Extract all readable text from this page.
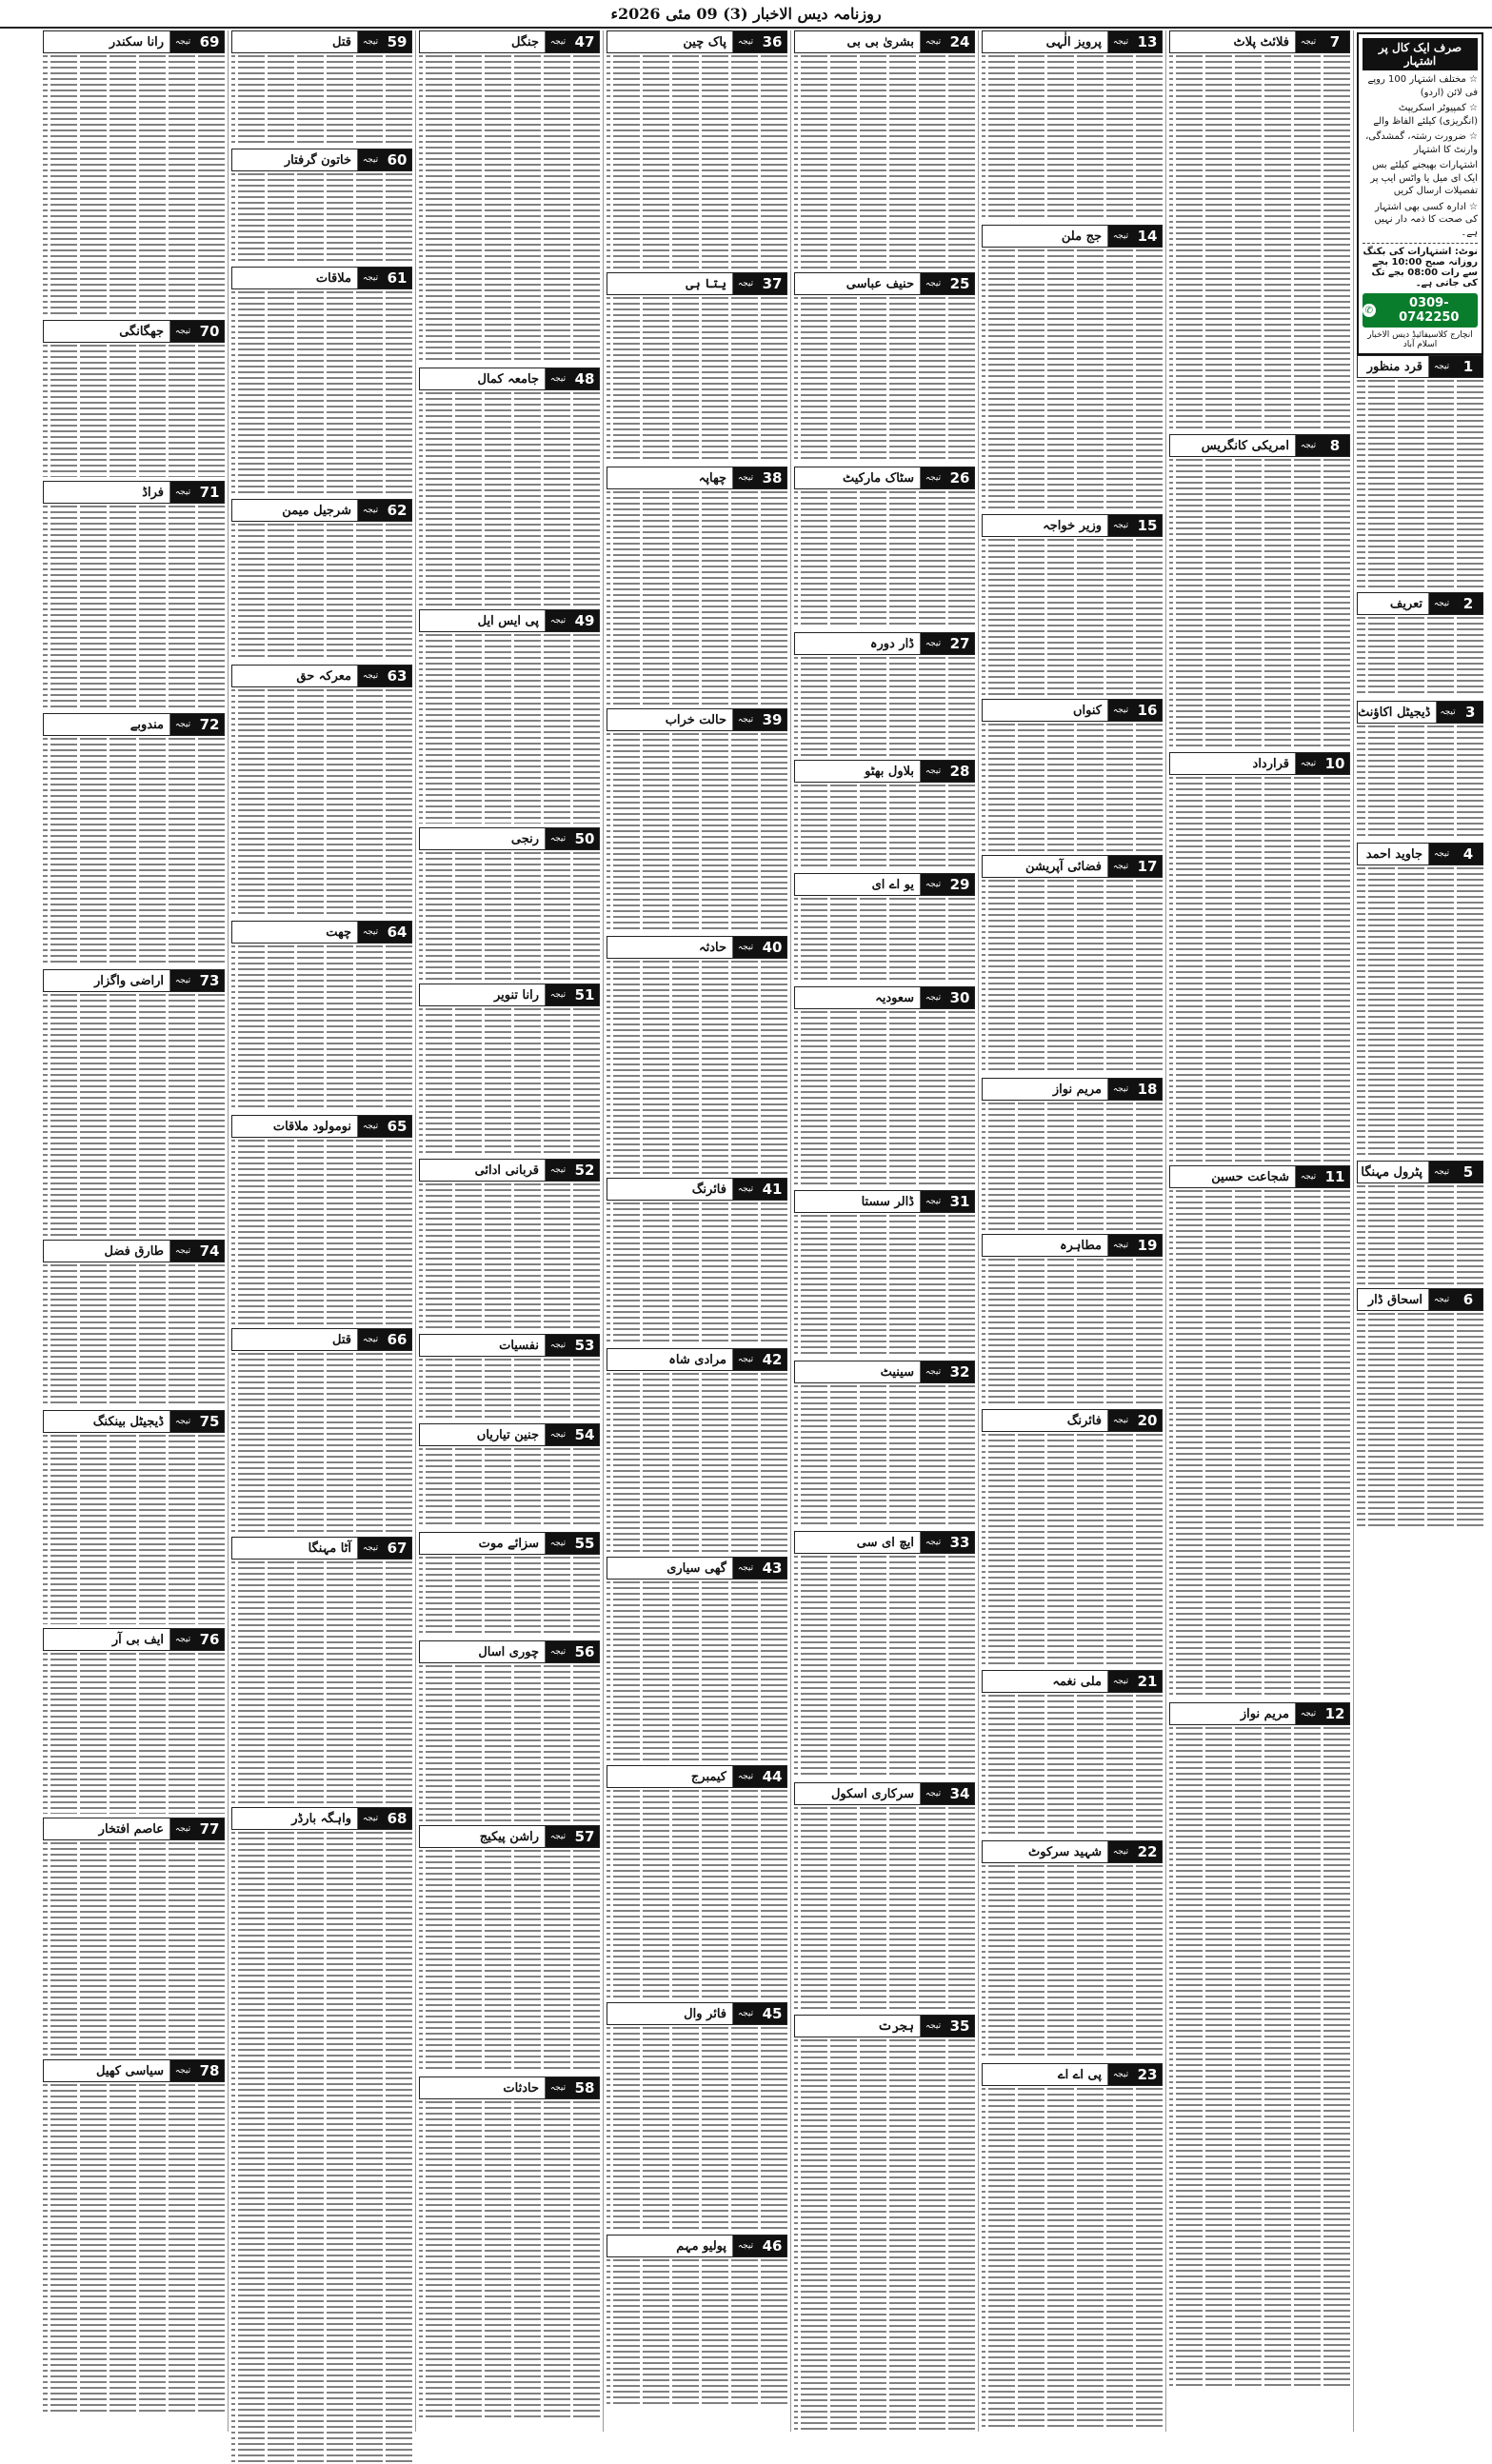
روزنامہ دیس الاخبار (3) 09 مئی 2026ء
صرف ایک کال پر اشتہار
☆ مختلف اشتہار 100 روپے فی لائن (اردو)
☆ کمپیوٹر اسکریپٹ (انگریزی) کیلئے الفاظ والے
☆ ضرورت رشتہ، گمشدگی، وارنٹ کا اشتہار
اشتہارات بھیجنے کیلئے بس ایک ای میل یا واٹس ایپ پر تفصیلات ارسال کریں
☆ ادارہ کسی بھی اشتہار کی صحت کا ذمہ دار نہیں ہے۔
نوٹ: اشتہارات کی بکنگ روزانہ صبح 10:00 بجے سے رات 08:00 بجے تک کی جاتی ہے۔
✆	0309-0742250
انچارج کلاسیفائیڈ دیس الاخبار اسلام آباد
1
تیجہ
قرد منظور
2
تیجہ
تعریف
3
تیجہ
ڈیجیٹل اکاؤنٹ
4
تیجہ
جاوید احمد
5
تیجہ
پٹرول مہنگا
6
تیجہ
اسحاق ڈار
7
تیجہ
فلائٹ پلاٹ
8
تیجہ
امریکی کانگریس
10
تیجہ
قرارداد
11
تیجہ
شجاعت حسین
12
تیجہ
مریم نواز
13
تیجہ
پرویز الٰہی
14
تیجہ
جج ملن
15
تیجہ
وزیر خواجہ
16
تیجہ
کنواں
17
تیجہ
فضائی آپریشن
18
تیجہ
مریم نواز
19
تیجہ
مطاہرہ
20
تیجہ
فائرنگ
21
تیجہ
ملی نغمہ
22
تیجہ
شہید سرکوٹ
23
تیجہ
پی اے اے
24
تیجہ
بشریٰ بی بی
25
تیجہ
حنیف عباسی
26
تیجہ
سٹاک مارکیٹ
27
تیجہ
ڈار دورہ
28
تیجہ
بلاول بھٹو
29
تیجہ
یو اے ای
30
تیجہ
سعودیہ
31
تیجہ
ڈالر سستا
32
تیجہ
سینیٹ
33
تیجہ
ایچ ای سی
34
تیجہ
سرکاری اسکول
35
تیجہ
ہجرت
36
تیجہ
پاک چین
37
تیجہ
یتا ہی
38
تیجہ
چھاپہ
39
تیجہ
حالت خراب
40
تیجہ
حادثہ
41
تیجہ
فائرنگ
42
تیجہ
مرادی شاہ
43
تیجہ
گھی سیاری
44
تیجہ
کیمبرج
45
تیجہ
فائر وال
46
تیجہ
پولیو مہم
47
تیجہ
جنگل
48
تیجہ
جامعہ کمال
49
تیجہ
پی ایس ایل
50
تیجہ
رنجی
51
تیجہ
رانا تنویر
52
تیجہ
قربانی ادائی
53
تیجہ
نفسیات
54
تیجہ
جنین تیاریاں
55
تیجہ
سزائے موت
56
تیجہ
چوری اسال
57
تیجہ
راشن پیکیج
58
تیجہ
حادثات
59
تیجہ
قتل
60
تیجہ
خاتون گرفتار
61
تیجہ
ملاقات
62
تیجہ
شرجیل میمن
63
تیجہ
معرکہ حق
64
تیجہ
چھت
65
تیجہ
نومولود ملاقات
66
تیجہ
قتل
67
تیجہ
آٹا مہنگا
68
تیجہ
واہگہ بارڈر
69
تیجہ
رانا سکندر
70
تیجہ
جھگانگی
71
تیجہ
فراڈ
72
تیجہ
مندوبے
73
تیجہ
اراضی واگزار
74
تیجہ
طارق فضل
75
تیجہ
ڈیجیٹل بینکنگ
76
تیجہ
ایف بی آر
77
تیجہ
عاصم افتخار
78
تیجہ
سیاسی کھیل
